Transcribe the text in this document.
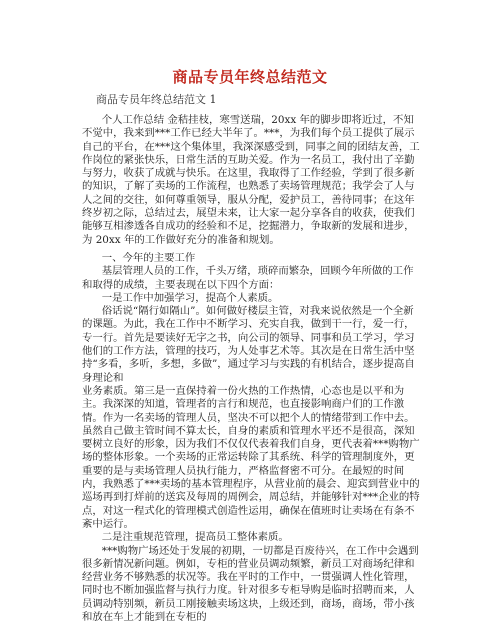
商品专员年终总结范文
商品专员年终总结范文 1

个人工作总结 金秸挂枝，寒雪送瑞，20xx 年的脚步即将近过，不知不觉中，我来到***工作已经大半年了。***，为我们每个员工提供了展示自己的平台，在***这个集体里，我深深感受到，同事之间的团结友善，工作岗位的紧张快乐，日常生活的互助关爱。作为一名员工，我付出了辛勤与努力，收获了成就与快乐。在这里，我取得了工作经验，学到了很多新的知识，了解了卖场的工作流程，也熟悉了卖场管理规范；我学会了人与人之间的交往，如何尊重领导，服从分配，爱护员工，善待同事；在这年终岁初之际，总结过去，展望未来，让大家一起分享各自的收获，使我们能够互相渗透各自成功的经验和不足，挖掘潜力，争取新的发展和进步，为 20xx 年的工作做好充分的准备和规划。

一、今年的主要工作

基层管理人员的工作，千头万绪，琐碎而繁杂，回顾今年所做的工作和取得的成绩，主要表现在以下四个方面：

一是工作中加强学习，提高个人素质。

俗话说“隔行如隔山”。如何做好楼层主管，对我来说依然是一个全新的课题。为此，我在工作中不断学习、充实自我，做到干一行，爱一行，专一行。首先是要读好无字之书，向公司的领导、同事和员工学习，学习他们的工作方法，管理的技巧，为人处事艺术等。其次是在日常生活中坚持“多看，多听，多想，多做”，通过学习与实践的有机结合，逐步提高自身理论和

业务素质。第三是一直保持着一份火热的工作热情，心态也是以平和为主。我深深的知道，管理者的言行和规范，也直接影响商户们的工作激情。作为一名卖场的管理人员，坚决不可以把个人的情绪带到工作中去。虽然自己做主管时间不算太长，自身的素质和管理水平还不是很高，深知要树立良好的形象，因为我们不仅仅代表着我们自身，更代表着***购物广场的整体形象。一个卖场的正常运转除了其系统、科学的管理制度外，更重要的是与卖场管理人员执行能力，严格监督密不可分。在最短的时间内，我熟悉了***卖场的基本管理程序，从营业前的晨会、迎宾到营业中的巡场再到打烊前的送宾及每周的周例会，周总结，并能够针对***企业的特点，对这一程式化的管理模式创造性运用，确保在值班时让卖场在有条不紊中运行。

二是注重规范管理，提高员工整体素质。

***购物广场还处于发展的初期，一切都是百废待兴，在工作中会遇到很多新情况新问题。例如，专柜的营业员调动频繁，新员工对商场纪律和经营业务不够熟悉的状况等。我在平时的工作中，一贯强调人性化管理，同时也不断加强监督与执行力度。针对很多专柜导购是临时招聘而来，人员调动特别频，新员工刚接触卖场这块，上级还到，商场，商场，带小孩和放在车上才能到在专柜的
